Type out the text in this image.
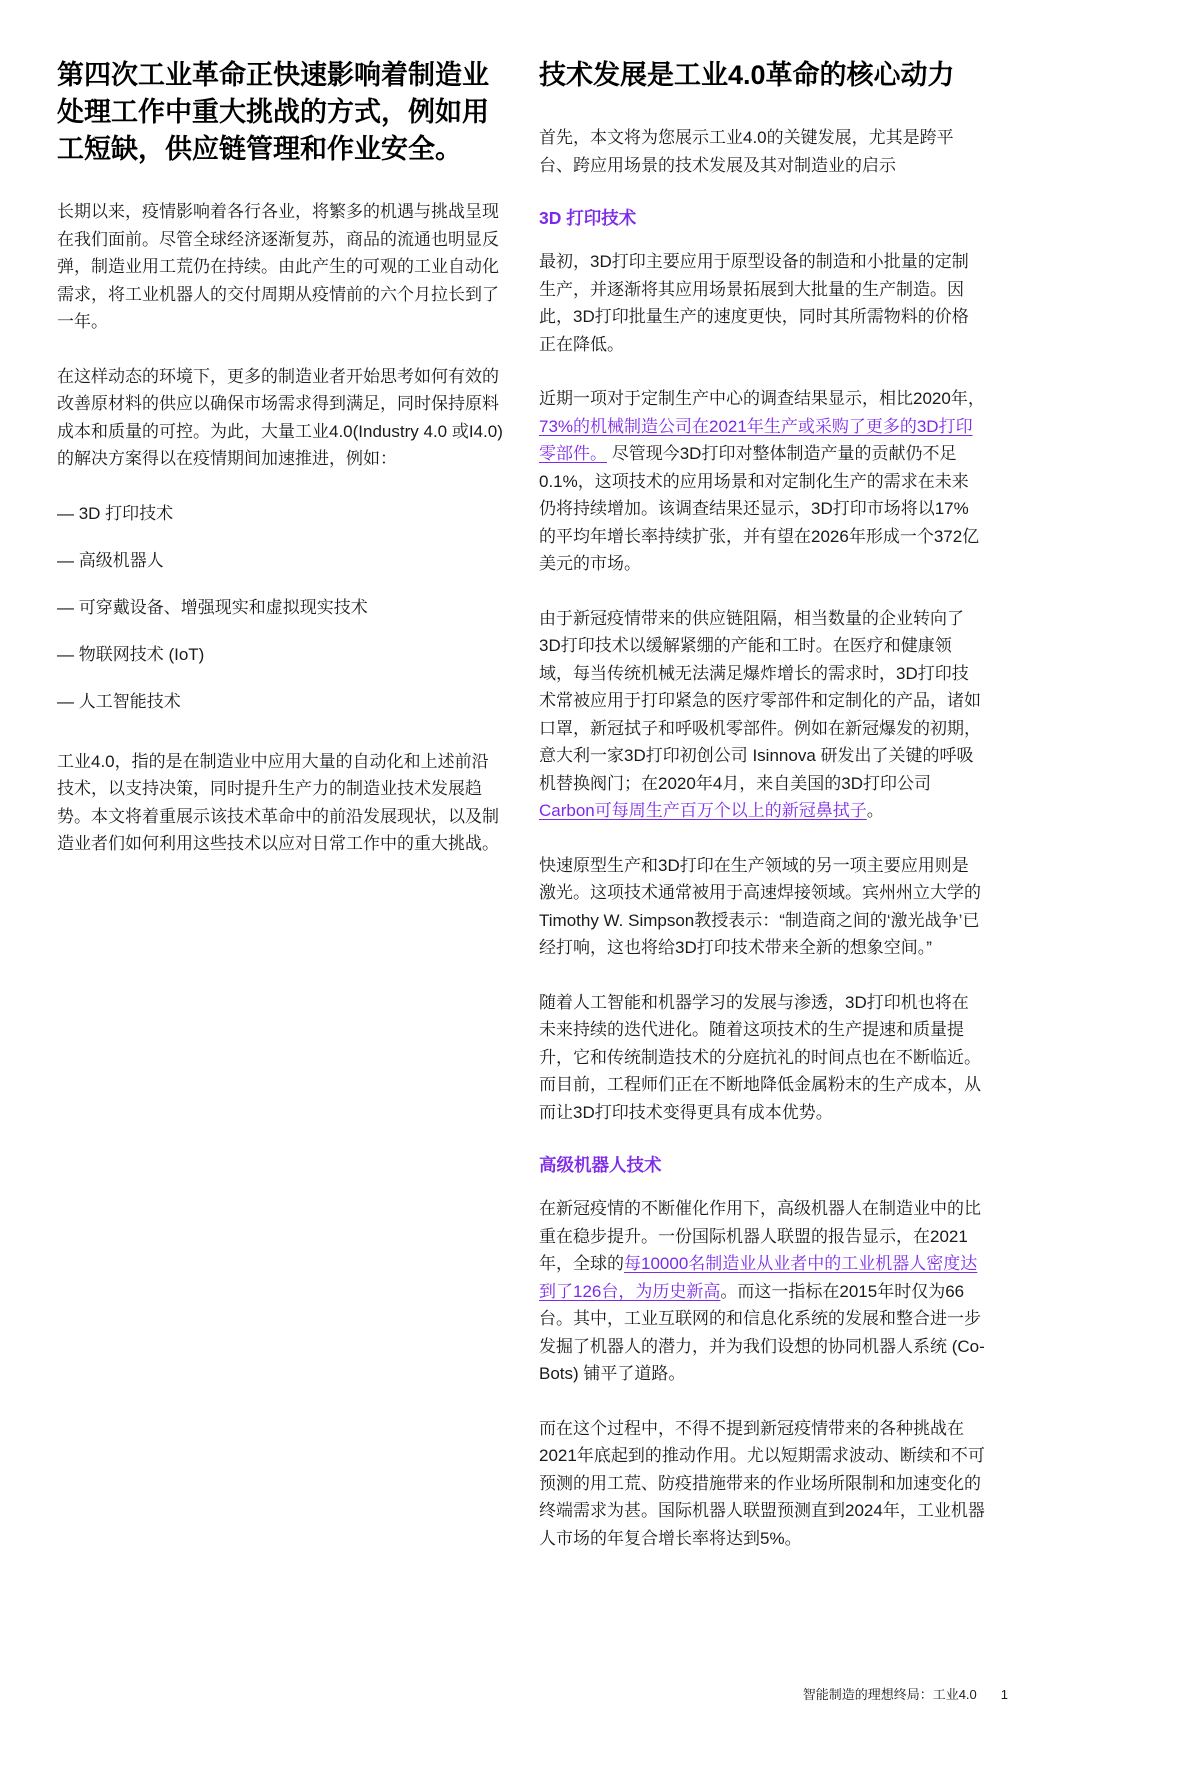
第四次工业革命正快速影响着制造业处理工作中重大挑战的方式，例如用工短缺，供应链管理和作业安全。

长期以来，疫情影响着各行各业，将繁多的机遇与挑战呈现在我们面前。尽管全球经济逐渐复苏，商品的流通也明显反弹，制造业用工荒仍在持续。由此产生的可观的工业自动化需求，将工业机器人的交付周期从疫情前的六个月拉长到了一年。

在这样动态的环境下，更多的制造业者开始思考如何有效的改善原材料的供应以确保市场需求得到满足，同时保持原料成本和质量的可控。为此，大量工业4.0(Industry 4.0 或I4.0)的解决方案得以在疫情期间加速推进，例如：

— 3D 打印技术
— 高级机器人
— 可穿戴设备、增强现实和虚拟现实技术
— 物联网技术 (IoT)
— 人工智能技术

工业4.0，指的是在制造业中应用大量的自动化和上述前沿技术，以支持决策，同时提升生产力的制造业技术发展趋势。本文将着重展示该技术革命中的前沿发展现状，以及制造业者们如何利用这些技术以应对日常工作中的重大挑战。

技术发展是工业4.0革命的核心动力

首先，本文将为您展示工业4.0的关键发展，尤其是跨平台、跨应用场景的技术发展及其对制造业的启示

3D 打印技术

最初，3D打印主要应用于原型设备的制造和小批量的定制生产，并逐渐将其应用场景拓展到大批量的生产制造。因此，3D打印批量生产的速度更快，同时其所需物料的价格正在降低。

近期一项对于定制生产中心的调查结果显示，相比2020年，73%的机械制造公司在2021年生产或采购了更多的3D打印零部件。 尽管现今3D打印对整体制造产量的贡献仍不足0.1%，这项技术的应用场景和对定制化生产的需求在未来仍将持续增加。该调查结果还显示，3D打印市场将以17%的平均年增长率持续扩张，并有望在2026年形成一个372亿美元的市场。

由于新冠疫情带来的供应链阻隔，相当数量的企业转向了3D打印技术以缓解紧绷的产能和工时。在医疗和健康领域，每当传统机械无法满足爆炸增长的需求时，3D打印技术常被应用于打印紧急的医疗零部件和定制化的产品，诸如口罩，新冠拭子和呼吸机零部件。例如在新冠爆发的初期，意大利一家3D打印初创公司 Isinnova 研发出了关键的呼吸机替换阀门；在2020年4月，来自美国的3D打印公司Carbon可每周生产百万个以上的新冠鼻拭子。

快速原型生产和3D打印在生产领域的另一项主要应用则是激光。这项技术通常被用于高速焊接领域。宾州州立大学的Timothy W. Simpson教授表示：“制造商之间的‘激光战争’已经打响，这也将给3D打印技术带来全新的想象空间。”

随着人工智能和机器学习的发展与渗透，3D打印机也将在未来持续的迭代进化。随着这项技术的生产提速和质量提升，它和传统制造技术的分庭抗礼的时间点也在不断临近。而目前，工程师们正在不断地降低金属粉末的生产成本，从而让3D打印技术变得更具有成本优势。

高级机器人技术

在新冠疫情的不断催化作用下，高级机器人在制造业中的比重在稳步提升。一份国际机器人联盟的报告显示，在2021年，全球的每10000名制造业从业者中的工业机器人密度达到了126台，为历史新高。而这一指标在2015年时仅为66台。其中，工业互联网的和信息化系统的发展和整合进一步发掘了机器人的潜力，并为我们设想的协同机器人系统 (Co-Bots) 铺平了道路。

而在这个过程中，不得不提到新冠疫情带来的各种挑战在2021年底起到的推动作用。尤以短期需求波动、断续和不可预测的用工荒、防疫措施带来的作业场所限制和加速变化的终端需求为甚。国际机器人联盟预测直到2024年，工业机器人市场的年复合增长率将达到5%。

智能制造的理想终局：工业4.0 1
